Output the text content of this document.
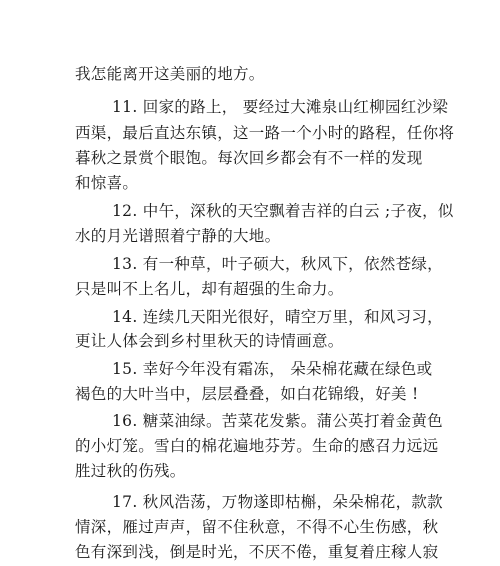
我怎能离开这美丽的地方。
11. 回家的路上， 要经过大滩泉山红柳园红沙梁
西渠，最后直达东镇，这一路一个小时的路程，任你将
暮秋之景赏个眼饱。每次回乡都会有不一样的发现
和惊喜。
12. 中午，深秋的天空飘着吉祥的白云 ;子夜，似
水的月光谱照着宁静的大地。
13. 有一种草，叶子硕大，秋风下，依然苍绿，
只是叫不上名儿，却有超强的生命力。
14. 连续几天阳光很好，晴空万里，和风习习，
更让人体会到乡村里秋天的诗情画意。
15. 幸好今年没有霜冻， 朵朵棉花藏在绿色或
褐色的大叶当中，层层叠叠，如白花锦缎，好美 !
16. 糖菜油绿。苦菜花发紫。蒲公英打着金黄色
的小灯笼。雪白的棉花遍地芬芳。生命的感召力远远
胜过秋的伤残。
17. 秋风浩荡，万物遂即枯槲，朵朵棉花，款款
情深，雁过声声，留不住秋意，不得不心生伤感，秋
色有深到浅，倒是时光，不厌不倦，重复着庄稼人寂
